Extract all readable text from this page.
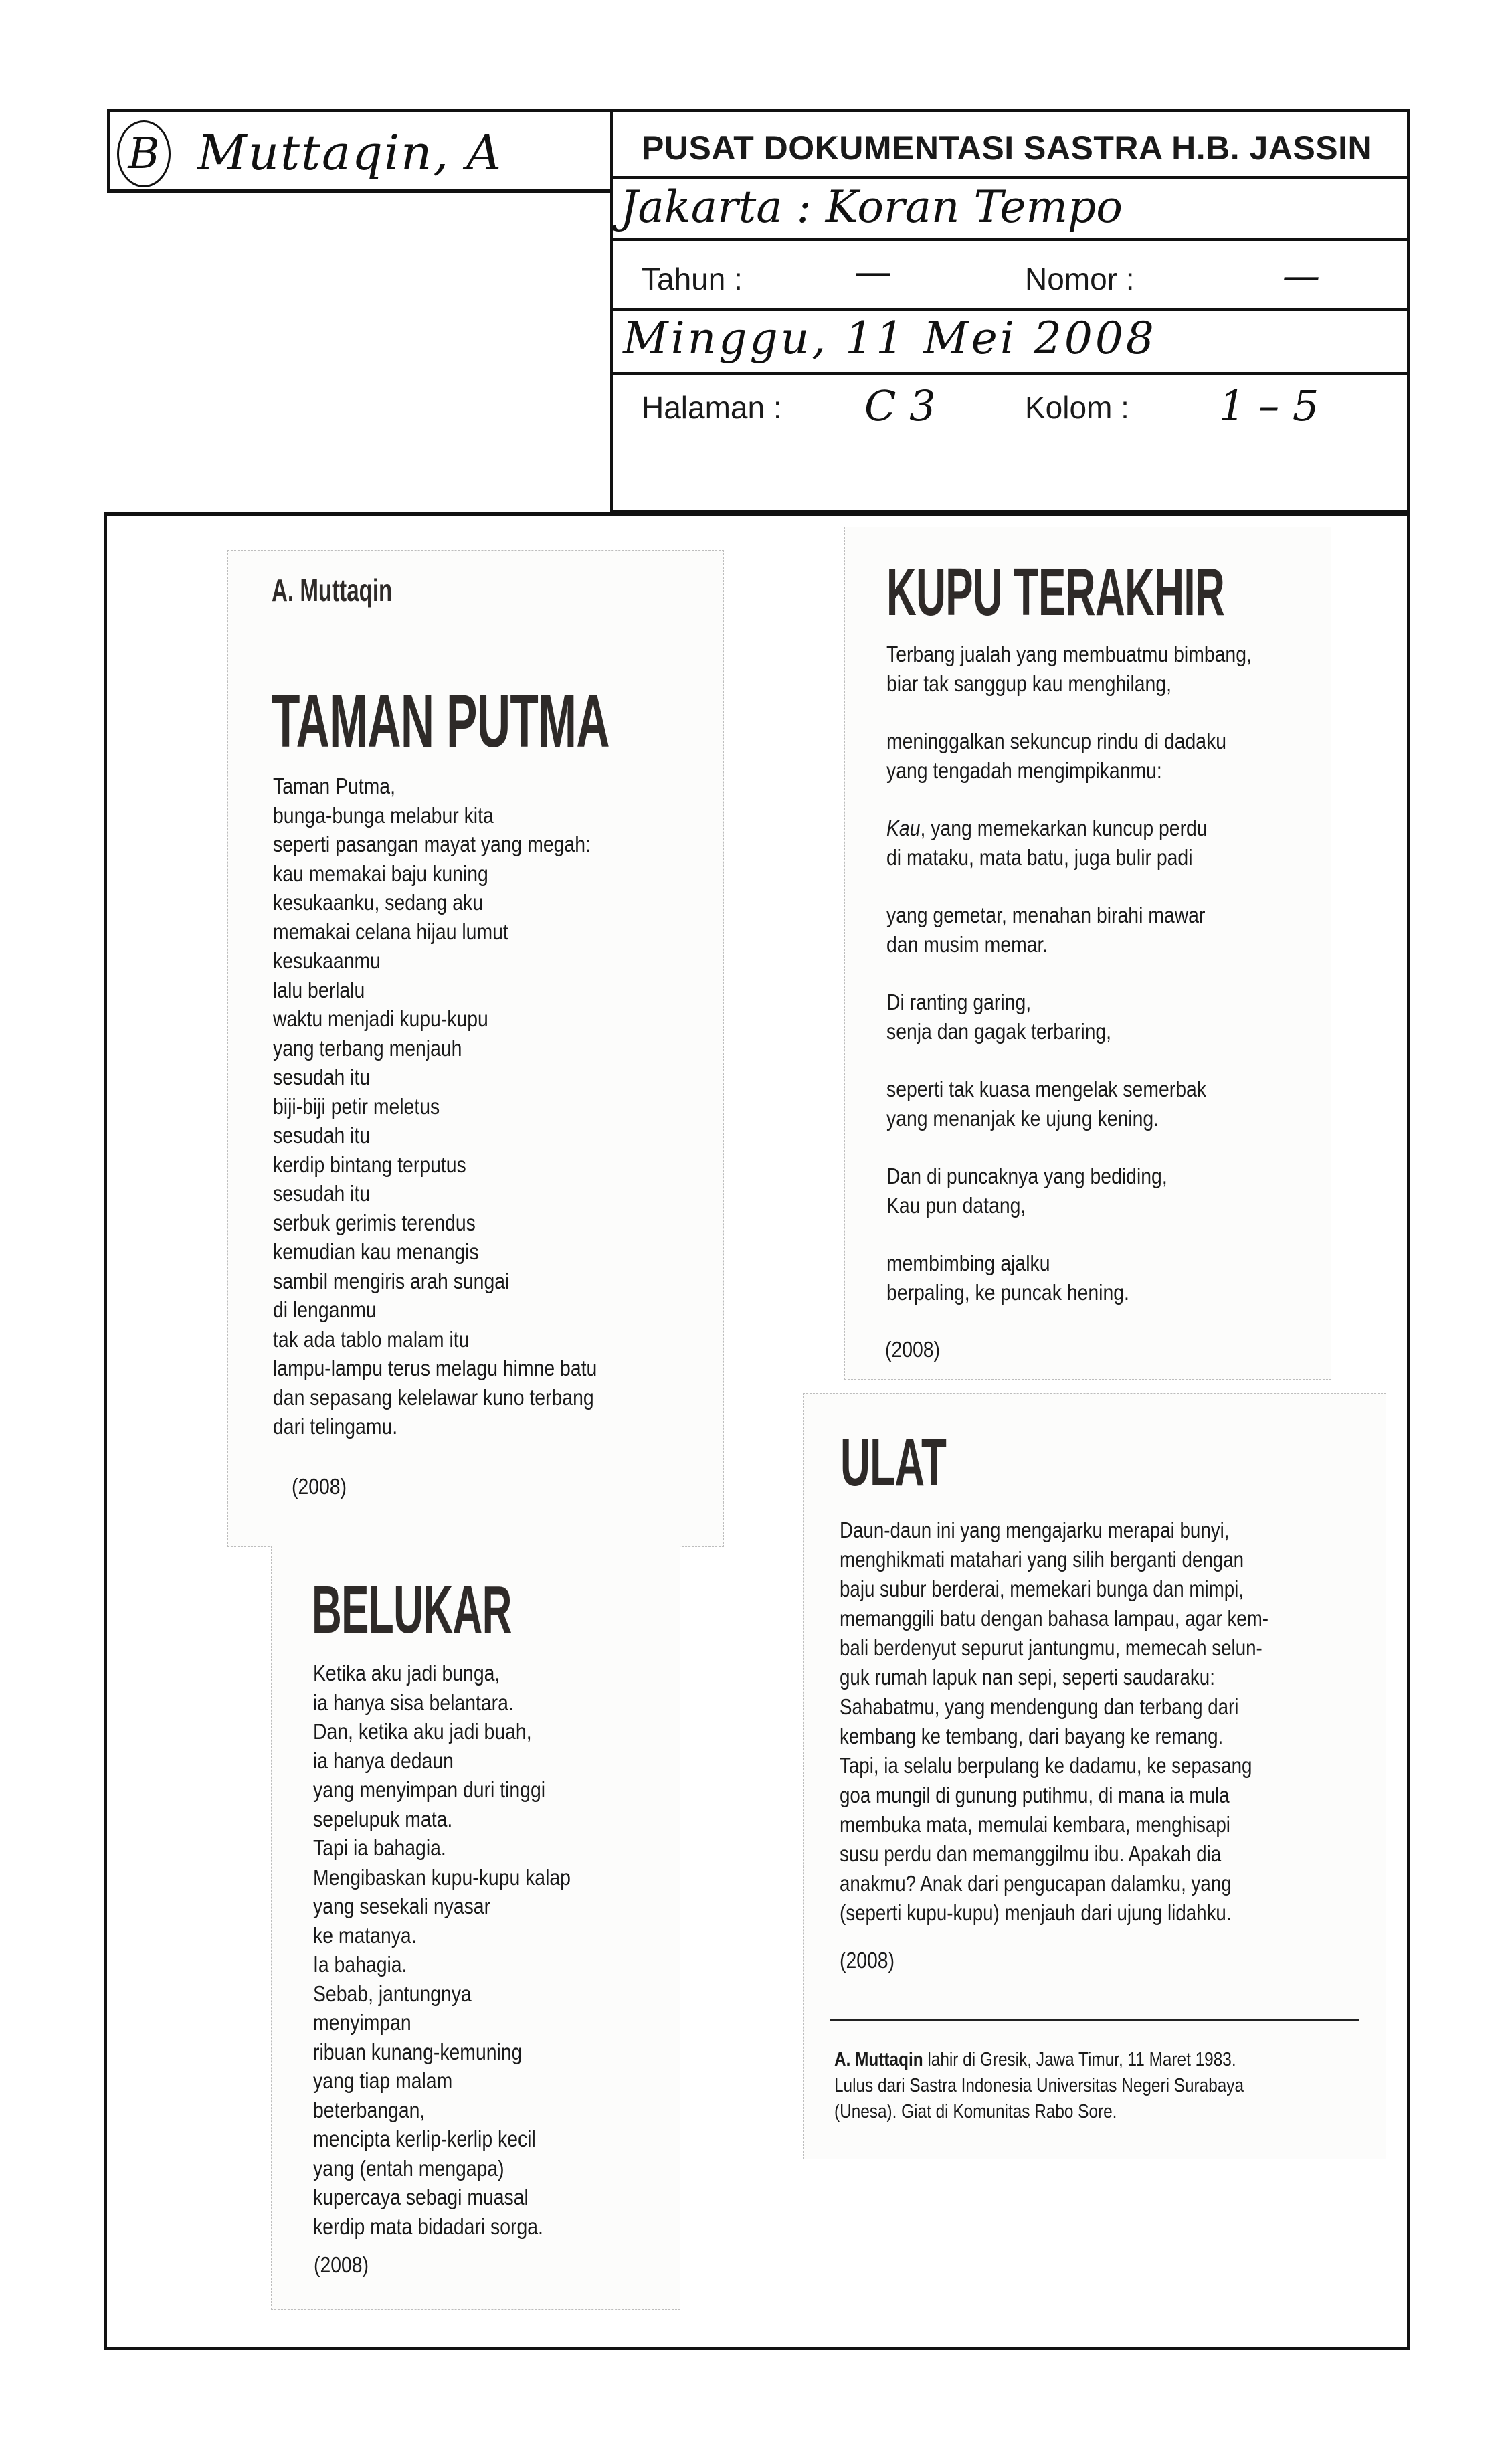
B Muttaqin, A	PUSAT DOKUMENTASI SASTRA H.B. JASSIN
Jakarta : Koran Tempo
Tahun :	—	Nomor :	—
Minggu, 11 Mei 2008
Halaman : C 3	Kolom : 1 – 5
A. Muttaqin
TAMAN PUTMA
Taman Putma,
bunga-bunga melabur kita
seperti pasangan mayat yang megah:
kau memakai baju kuning
kesukaanku, sedang aku
memakai celana hijau lumut
kesukaanmu
lalu berlalu
waktu menjadi kupu-kupu
yang terbang menjauh
sesudah itu
biji-biji petir meletus
sesudah itu
kerdip bintang terputus
sesudah itu
serbuk gerimis terendus
kemudian kau menangis
sambil mengiris arah sungai
di lenganmu
tak ada tablo malam itu
lampu-lampu terus melagu himne batu
dan sepasang kelelawar kuno terbang
dari telingamu.
(2008)
KUPU TERAKHIR
Terbang jualah yang membuatmu bimbang,
biar tak sanggup kau menghilang,
meninggalkan sekuncup rindu di dadaku
yang tengadah mengimpikanmu:
Kau, yang memekarkan kuncup perdu
di mataku, mata batu, juga bulir padi
yang gemetar, menahan birahi mawar
dan musim memar.
Di ranting garing,
senja dan gagak terbaring,
seperti tak kuasa mengelak semerbak
yang menanjak ke ujung kening.
Dan di puncaknya yang bediding,
Kau pun datang,
membimbing ajalku
berpaling, ke puncak hening.
(2008)
ULAT
Daun-daun ini yang mengajarku merapai bunyi,
menghikmati matahari yang silih berganti dengan
baju subur berderai, memekari bunga dan mimpi,
memanggili batu dengan bahasa lampau, agar kem-
bali berdenyut sepurut jantungmu, memecah selun-
guk rumah lapuk nan sepi, seperti saudaraku:
Sahabatmu, yang mendengung dan terbang dari
kembang ke tembang, dari bayang ke remang.
Tapi, ia selalu berpulang ke dadamu, ke sepasang
goa mungil di gunung putihmu, di mana ia mula
membuka mata, memulai kembara, menghisapi
susu perdu dan memanggilmu ibu. Apakah dia
anakmu? Anak dari pengucapan dalamku, yang
(seperti kupu-kupu) menjauh dari ujung lidahku.
(2008)
A. Muttaqin lahir di Gresik, Jawa Timur, 11 Maret 1983.
Lulus dari Sastra Indonesia Universitas Negeri Surabaya
(Unesa). Giat di Komunitas Rabo Sore.
BELUKAR
Ketika aku jadi bunga,
ia hanya sisa belantara.
Dan, ketika aku jadi buah,
ia hanya dedaun
yang menyimpan duri tinggi
sepelupuk mata.
Tapi ia bahagia.
Mengibaskan kupu-kupu kalap
yang sesekali nyasar
ke matanya.
Ia bahagia.
Sebab, jantungnya
menyimpan
ribuan kunang-kemuning
yang tiap malam
beterbangan,
mencipta kerlip-kerlip kecil
yang (entah mengapa)
kupercaya sebagi muasal
kerdip mata bidadari sorga.
(2008)
